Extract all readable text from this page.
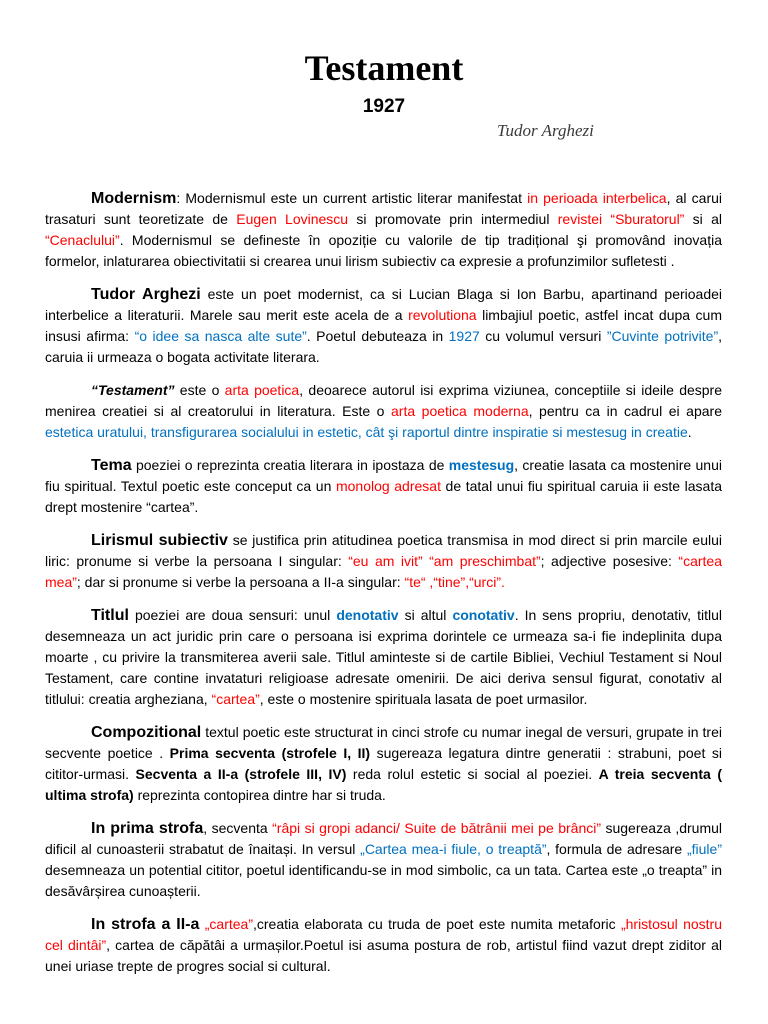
Testament
1927
Tudor Arghezi

Modernism: Modernismul este un current artistic literar manifestat in perioada interbelica, al carui trasaturi sunt teoretizate de Eugen Lovinescu si promovate prin intermediul revistei “Sburatorul” si al “Cenaclului”. Modernismul se defineste în opoziție cu valorile de tip tradițional şi promovând inovația formelor, inlaturarea obiectivitatii si crearea unui lirism subiectiv ca expresie a profunzimilor sufletesti .

Tudor Arghezi este un poet modernist, ca si Lucian Blaga si Ion Barbu, apartinand perioadei interbelice a literaturii. Marele sau merit este acela de a revolutiona limbajiul poetic, astfel incat dupa cum insusi afirma: “o idee sa nasca alte sute”. Poetul debuteaza in 1927 cu volumul versuri ”Cuvinte potrivite”, caruia ii urmeaza o bogata activitate literara.

“Testament” este o arta poetica, deoarece autorul isi exprima viziunea, conceptiile si ideile despre menirea creatiei si al creatorului in literatura. Este o arta poetica moderna, pentru ca in cadrul ei apare estetica uratului, transfigurarea socialului in estetic, cât şi raportul dintre inspiratie si mestesug in creatie.

Tema poeziei o reprezinta creatia literara in ipostaza de mestesug, creatie lasata ca mostenire unui fiu spiritual. Textul poetic este conceput ca un monolog adresat de tatal unui fiu spiritual caruia ii este lasata drept mostenire “cartea”.

Lirismul subiectiv se justifica prin atitudinea poetica transmisa in mod direct si prin marcile eului liric: pronume si verbe la persoana I singular: “eu am ivit” “am preschimbat”; adjective posesive: “cartea mea”; dar si pronume si verbe la persoana a II-a singular: “te“ ,“tine”,“urci”.

Titlul poeziei are doua sensuri: unul denotativ si altul conotativ. In sens propriu, denotativ, titlul desemneaza un act juridic prin care o persoana isi exprima dorintele ce urmeaza sa-i fie indeplinita dupa moarte , cu privire la transmiterea averii sale. Titlul aminteste si de cartile Bibliei, Vechiul Testament si Noul Testament, care contine invataturi religioase adresate omenirii. De aici deriva sensul figurat, conotativ al titlului: creatia argheziana, “cartea”, este o mostenire spirituala lasata de poet urmasilor.

Compozitional textul poetic este structurat in cinci strofe cu numar inegal de versuri, grupate in trei secvente poetice . Prima secventa (strofele I, II) sugereaza legatura dintre generatii : strabuni, poet si cititor-urmasi. Secventa a II-a (strofele III, IV) reda rolul estetic si social al poeziei. A treia secventa ( ultima strofa) reprezinta contopirea dintre har si truda.

In prima strofa, secventa “râpi si gropi adanci/ Suite de bătrânii mei pe brânci” sugereaza ,drumul dificil al cunoasterii strabatut de înaitași. In versul „Cartea mea-i fiule, o treaptă”, formula de adresare „fiule” desemneaza un potential cititor, poetul identificandu-se in mod simbolic, ca un tata. Cartea este „o treapta” in desăvârșirea cunoașterii.

In strofa a II-a „cartea”,creatia elaborata cu truda de poet este numita metaforic „hristosul nostru cel dintâi”, cartea de căpătâi a urmașilor.Poetul isi asuma postura de rob, artistul fiind vazut drept ziditor al unei uriase trepte de progres social si cultural.
